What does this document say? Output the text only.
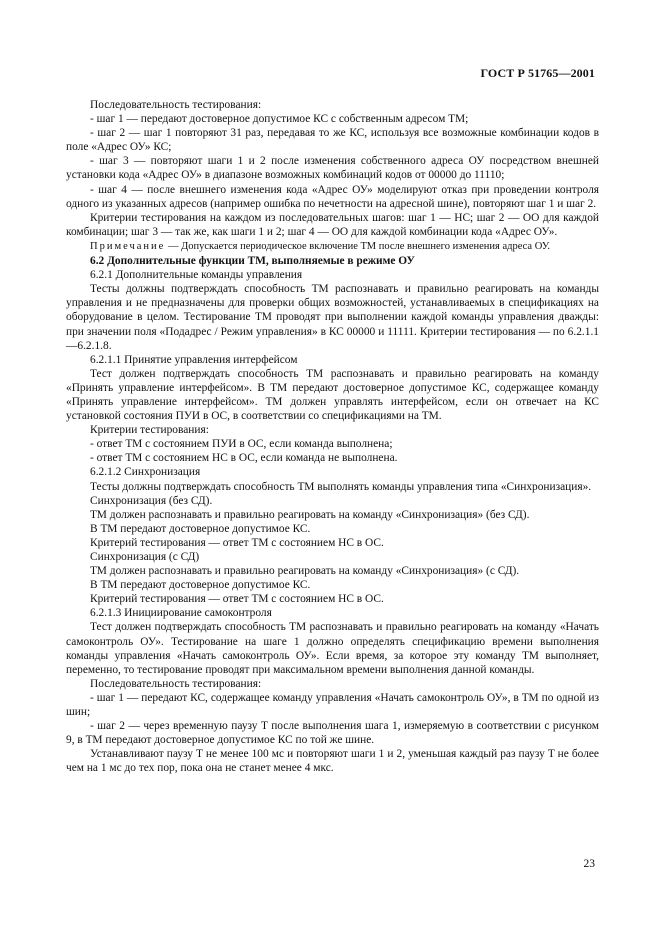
ГОСТ Р 51765—2001

Последовательность тестирования:

- шаг 1 — передают достоверное допустимое КС с собственным адресом ТМ;

- шаг 2 — шаг 1 повторяют 31 раз, передавая то же КС, используя все возможные комбинации кодов в поле «Адрес ОУ» КС;

- шаг 3 — повторяют шаги 1 и 2 после изменения собственного адреса ОУ посредством внешней установки кода «Адрес ОУ» в диапазоне возможных комбинаций кодов от 00000 до 11110;

- шаг 4 — после внешнего изменения кода «Адрес ОУ» моделируют отказ при проведении контроля одного из указанных адресов (например ошибка по нечетности на адресной шине), повторяют шаг 1 и шаг 2.

Критерии тестирования на каждом из последовательных шагов: шаг 1 — НС; шаг 2 — ОО для каждой комбинации; шаг 3 — так же, как шаги 1 и 2; шаг 4 — ОО для каждой комбинации кода «Адрес ОУ».

Примечание — Допускается периодическое включение ТМ после внешнего изменения адреса ОУ.

6.2 Дополнительные функции ТМ, выполняемые в режиме ОУ

6.2.1 Дополнительные команды управления

Тесты должны подтверждать способность ТМ распознавать и правильно реагировать на команды управления и не предназначены для проверки общих возможностей, устанавливаемых в спецификациях на оборудование в целом. Тестирование ТМ проводят при выполнении каждой команды управления дважды: при значении поля «Подадрес / Режим управления» в КС 00000 и 11111. Критерии тестирования — по 6.2.1.1—6.2.1.8.

6.2.1.1 Принятие управления интерфейсом

Тест должен подтверждать способность ТМ распознавать и правильно реагировать на команду «Принять управление интерфейсом». В ТМ передают достоверное допустимое КС, содержащее команду «Принять управление интерфейсом». ТМ должен управлять интерфейсом, если он отвечает на КС установкой состояния ПУИ в ОС, в соответствии со спецификациями на ТМ.

Критерии тестирования:

- ответ ТМ с состоянием ПУИ в ОС, если команда выполнена;

- ответ ТМ с состоянием НС в ОС, если команда не выполнена.

6.2.1.2 Синхронизация

Тесты должны подтверждать способность ТМ выполнять команды управления типа «Синхронизация».

Синхронизация (без СД).

ТМ должен распознавать и правильно реагировать на команду «Синхронизация» (без СД).

В ТМ передают достоверное допустимое КС.

Критерий тестирования — ответ ТМ с состоянием НС в ОС.

Синхронизация (с СД)

ТМ должен распознавать и правильно реагировать на команду «Синхронизация» (с СД).

В ТМ передают достоверное допустимое КС.

Критерий тестирования — ответ ТМ с состоянием НС в ОС.

6.2.1.3 Инициирование самоконтроля

Тест должен подтверждать способность ТМ распознавать и правильно реагировать на команду «Начать самоконтроль ОУ». Тестирование на шаге 1 должно определять спецификацию времени выполнения команды управления «Начать самоконтроль ОУ». Если время, за которое эту команду ТМ выполняет, переменно, то тестирование проводят при максимальном времени выполнения данной команды.

Последовательность тестирования:

- шаг 1 — передают КС, содержащее команду управления «Начать самоконтроль ОУ», в ТМ по одной из шин;

- шаг 2 — через временную паузу T после выполнения шага 1, измеряемую в соответствии с рисунком 9, в ТМ передают достоверное допустимое КС по той же шине.

Устанавливают паузу T не менее 100 мс и повторяют шаги 1 и 2, уменьшая каждый раз паузу T не более чем на 1 мс до тех пор, пока она не станет менее 4 мкс.

23
